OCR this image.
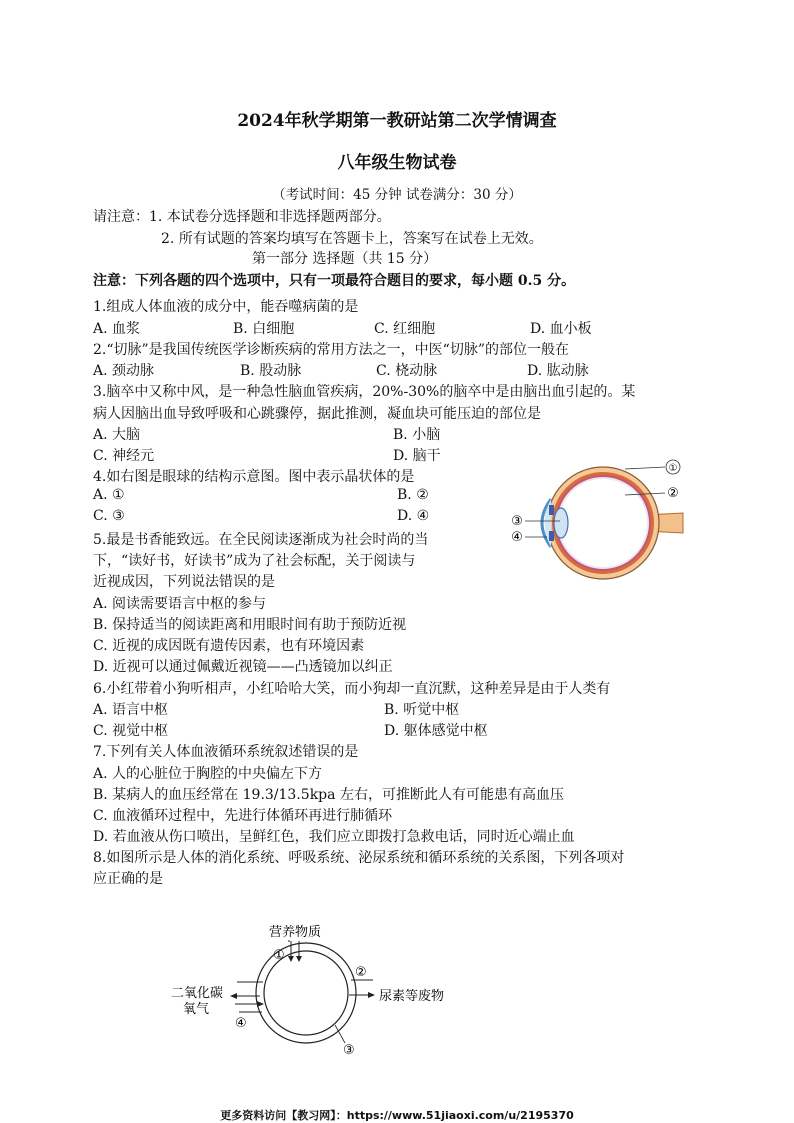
2024年秋学期第一教研站第二次学情调查
八年级生物试卷
（考试时间：45 分钟 试卷满分：30 分）
请注意：1. 本试卷分选择题和非选择题两部分。
2. 所有试题的答案均填写在答题卡上，答案写在试卷上无效。
第一部分 选择题（共 15 分）
注意：下列各题的四个选项中，只有一项最符合题目的要求，每小题 0.5 分。
1.组成人体血液的成分中，能吞噬病菌的是
A. 血浆	B. 白细胞	C. 红细胞	D. 血小板
2.“切脉”是我国传统医学诊断疾病的常用方法之一，中医“切脉”的部位一般在
A. 颈动脉	B. 股动脉	C. 桡动脉	D. 肱动脉
3.脑卒中又称中风，是一种急性脑血管疾病，20%-30%的脑卒中是由脑出血引起的。某
病人因脑出血导致呼吸和心跳骤停，据此推测，凝血块可能压迫的部位是
A. 大脑	B. 小脑
C. 神经元	D. 脑干
4.如右图是眼球的结构示意图。图中表示晶状体的是
A. ①	B. ②
C. ③	D. ④
①
②
③
④
5.最是书香能致远。在全民阅读逐渐成为社会时尚的当
下，“读好书，好读书”成为了社会标配，关于阅读与
近视成因，下列说法错误的是
A. 阅读需要语言中枢的参与
B. 保持适当的阅读距离和用眼时间有助于预防近视
C. 近视的成因既有遗传因素，也有环境因素
D. 近视可以通过佩戴近视镜——凸透镜加以纠正
6.小红带着小狗听相声，小红哈哈大笑，而小狗却一直沉默，这种差异是由于人类有
A. 语言中枢	B. 听觉中枢
C. 视觉中枢	D. 躯体感觉中枢
7.下列有关人体血液循环系统叙述错误的是
A. 人的心脏位于胸腔的中央偏左下方
B. 某病人的血压经常在 19.3/13.5kpa 左右，可推断此人有可能患有高血压
C. 血液循环过程中，先进行体循环再进行肺循环
D. 若血液从伤口喷出，呈鲜红色，我们应立即拨打急救电话，同时近心端止血
8.如图所示是人体的消化系统、呼吸系统、泌尿系统和循环系统的关系图，下列各项对
应正确的是
营养物质
①
②
尿素等废物
二氧化碳
氧气
④
③
更多资料访问【教习网】：https://www.51jiaoxi.com/u/2195370
